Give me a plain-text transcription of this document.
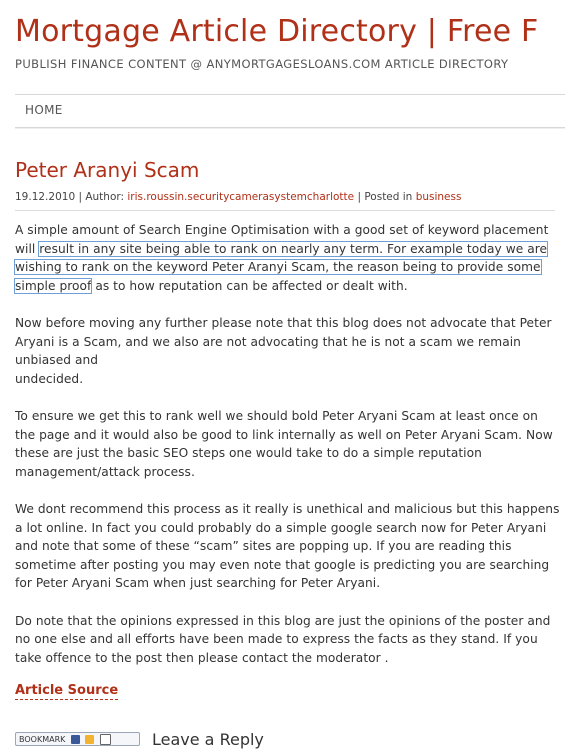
Mortgage Article Directory | Free F
PUBLISH FINANCE CONTENT @ ANYMORTGAGESLOANS.COM ARTICLE DIRECTORY
HOME
Peter Aranyi Scam
19.12.2010 | Author: iris.roussin.securitycamerasystemcharlotte | Posted in business

A simple amount of Search Engine Optimisation with a good set of keyword placement will result in any site being able to rank on nearly any term. For example today we are wishing to rank on the keyword Peter Aranyi Scam, the reason being to provide some simple proof as to how reputation can be affected or dealt with.

Now before moving any further please note that this blog does not advocate that Peter Aryani is a Scam, and we also are not advocating that he is not a scam we remain unbiased and
undecided.

To ensure we get this to rank well we should bold Peter Aryani Scam at least once on the page and it would also be good to link internally as well on Peter Aryani Scam. Now these are just the basic SEO steps one would take to do a simple reputation management/attack process.

We dont recommend this process as it really is unethical and malicious but this happens a lot online. In fact you could probably do a simple google search now for Peter Aryani and note that some of these “scam” sites are popping up. If you are reading this sometime after posting you may even note that google is predicting you are searching for Peter Aryani Scam when just searching for Peter Aryani.

Do note that the opinions expressed in this blog are just the opinions of the poster and no one else and all efforts have been made to express the facts as they stand. If you take offence to the post then please contact the moderator .

Article Source
BOOKMARK	Leave a Reply
